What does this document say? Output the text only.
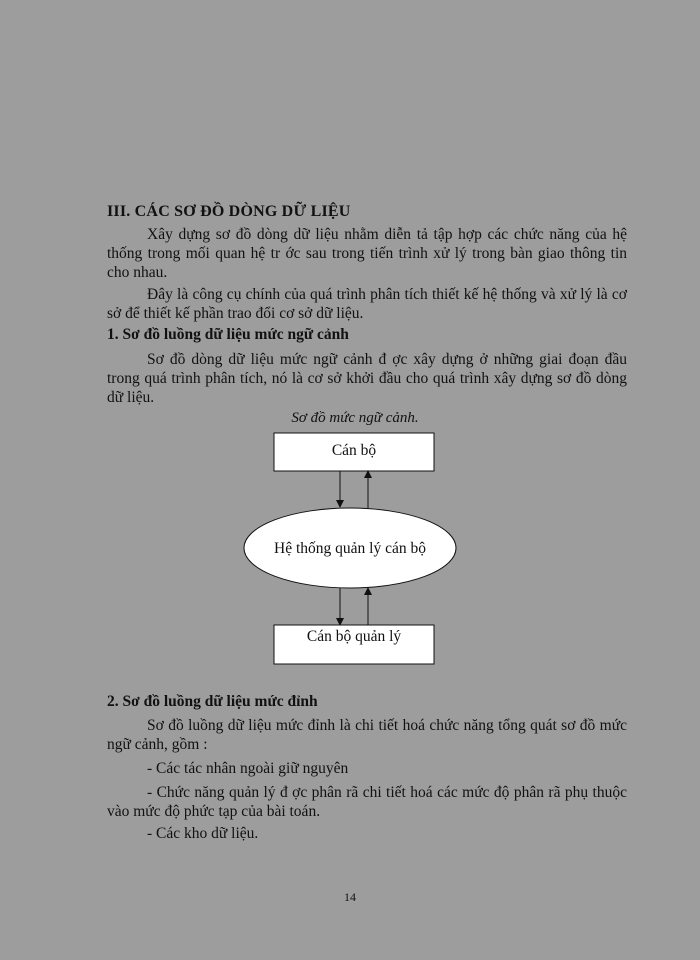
III. CÁC SƠ ĐỒ DÒNG DỮ LIỆU
Xây dựng sơ đồ dòng dữ liệu nhằm diễn tả tập hợp các chức năng của hệ thống trong mối quan hệ tr ớc sau trong tiến trình xử lý trong bàn giao thông tin cho nhau.
Đây là công cụ chính của quá trình phân tích thiết kế hệ thống và xử lý là cơ sở để thiết kế phần trao đổi cơ sở dữ liệu.
1. Sơ đồ luồng dữ liệu mức ngữ cảnh
Sơ đồ dòng dữ liệu mức ngữ cảnh đ ợc xây dựng ở những giai đoạn đầu trong quá trình phân tích, nó là cơ sở khởi đầu cho quá trình xây dựng sơ đồ dòng dữ liệu.
Sơ đồ mức ngữ cảnh.
Cán bộ
Hệ thống quản lý cán bộ
Cán bộ quản lý
2. Sơ đồ luồng dữ liệu mức đỉnh
Sơ đồ luồng dữ liệu mức đỉnh là chi tiết hoá chức năng tổng quát sơ đồ mức ngữ cảnh, gồm :
- Các tác nhân ngoài giữ nguyên
- Chức năng quản lý đ ợc phân rã chi tiết hoá các mức độ phân rã phụ thuộc vào mức độ phức tạp của bài toán.
- Các kho dữ liệu.
14
